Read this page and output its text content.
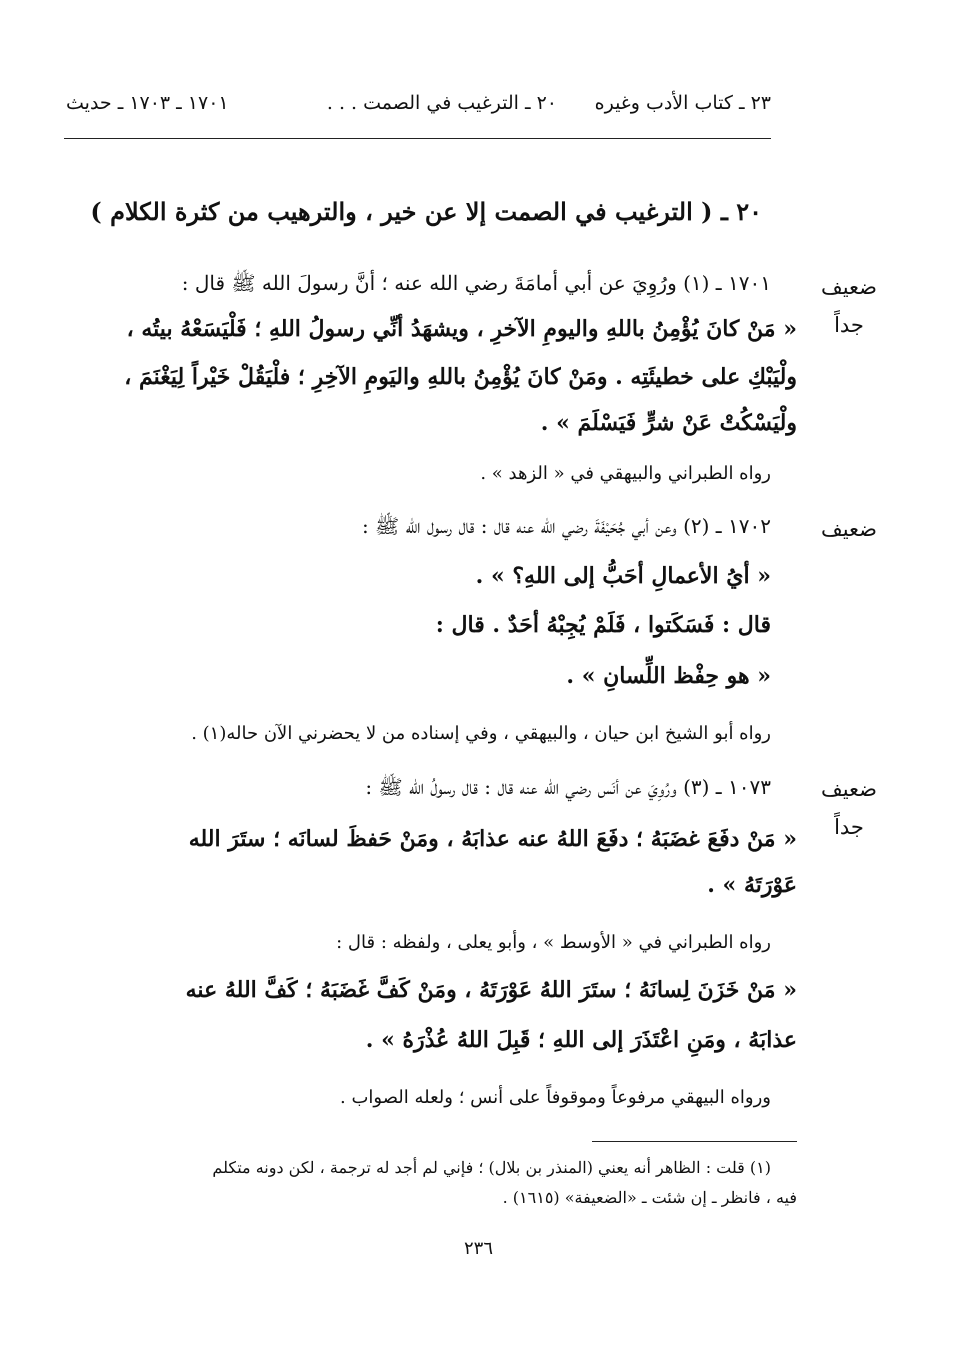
٢٣ ـ كتاب الأدب وغيره
٢٠ ـ الترغيب في الصمت . . .
١٧٠١ ـ ١٧٠٣ ـ حديث
٢٠ ـ ( الترغيب في الصمت إلا عن خير ، والترهيب من كثرة الكلام )
ضعيف
جداً
١٧٠١ ـ (١) ورُوِيَ عن أبي أمامَةَ رضي الله عنه ؛ أنَّ رسولَ الله ﷺ قال :
« مَنْ كانَ يُؤْمِنُ باللهِ واليومِ الآخرِ ، ويشهَدُ أنِّي رسولُ اللهِ ؛ فَلْيَسَعْهُ بيتُه ،
ولْيَبْكِ على خطيئَتِه . ومَنْ كانَ يُؤْمِنُ باللهِ واليَومِ الآخِرِ ؛ فلْيَقُلْ خَيْراً لِيَغْنَمَ ،
ولْيَسْكُتْ عَنْ شرٍّ فَيَسْلَمَ » .
رواه الطبراني والبيهقي في « الزهد » .
ضعيف
١٧٠٢ ـ (٢) وعن أبي جُحَيْفَةَ رضي الله عنه قال : قال رسول الله ﷺ :
« أيُ الأعمالِ أحَبُّ إلى اللهِ؟ » .
قال : فَسَكَتوا ، فَلَمْ يُجِبْهُ أحَدٌ . قال :
« هو حِفْظ اللِّسانِ » .
رواه أبو الشيخ ابن حيان ، والبيهقي ، وفي إسناده من لا يحضرني الآن حاله(١) .
ضعيف
جداً
١٠٧٣ ـ (٣) ورُوِيَ عن أنَس رضي الله عنه قال : قال رسولُ الله ﷺ :
« مَنْ دفَعَ غضَبَهُ ؛ دفَعَ اللهُ عنه عذابَهُ ، ومَنْ حَفظَ لسانَه ؛ ستَرَ الله
عَوْرَتَهُ » .
رواه الطبراني في « الأوسط » ، وأبو يعلى ، ولفظه : قال :
« مَنْ خَزَنَ لِسانَهُ ؛ ستَرَ اللهُ عَوْرَتَهُ ، ومَنْ كَفَّ غَضَبَهُ ؛ كَفَّ اللهُ عنه
عذابَهُ ، ومَنِ اعْتَذَرَ إلى اللهِ ؛ قَبِلَ اللهُ عُذْرَهُ » .
ورواه البيهقي مرفوعاً وموقوفاً على أنس ؛ ولعله الصواب .
(١) قلت : الظاهر أنه يعني (المنذر بن بلال) ؛ فإني لم أجد له ترجمة ، لكن دونه متكلم
فيه ، فانظر ـ إن شئت ـ «الضعيفة» (١٦١٥) .
٢٣٦
